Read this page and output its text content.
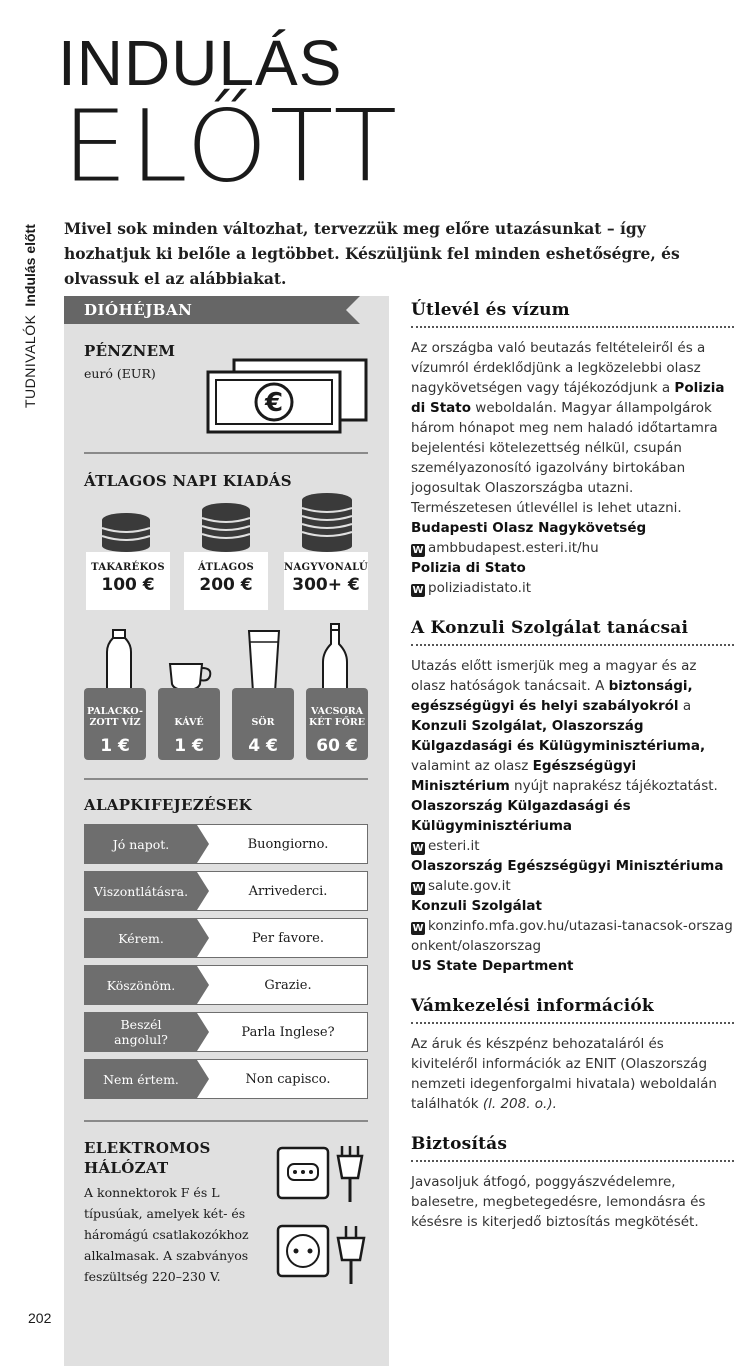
TUDNIVALÓKIndulás előtt
INDULÁS
ELŐTT

Mivel sok minden változhat, tervezzük meg előre utazásunkat – így hozhatjuk ki belőle a legtöbbet. Készüljünk fel minden eshetőségre, és olvassuk el az alábbiakat.

DIÓHÉJBAN
PÉNZNEM
euró (EUR)
€
ÁTLAGOS NAPI KIADÁS
TAKARÉKOS
100 €
ÁTLAGOS
200 €
NAGYVONALÚ
300+ €
PALACKO-ZOTT VÍZ
1 €
KÁVÉ
1 €
SÖR
4 €
VACSORA KÉT FŐRE
60 €
ALAPKIFEJEZÉSEK
Jó napot.	Buongiorno.
Viszontlátásra.	Arrivederci.
Kérem.	Per favore.
Köszönöm.	Grazie.
Beszél angolul?	Parla Inglese?
Nem értem.	Non capisco.
ELEKTROMOS
HÁLÓZAT
A konnektorok F és L típusúak, amelyek két- és háromágú csatlakozókhoz alkalmasak. A szabványos feszültség 220–230 V.
Útlevél és vízum

Az országba való beutazás feltételeiről és a vízumról érdeklődjünk a legközelebbi olasz nagykövetségen vagy tájékozódjunk a Polizia di Stato weboldalán. Magyar állampolgárok három hónapot meg nem haladó időtartamra bejelentési kötelezettség nélkül, csupán személyazonosító igazolvány birtokában jogosultak Olaszországba utazni. Természetesen útlevéllel is lehet utazni.

Budapesti Olasz Nagykövetség
W ambbudapest.esteri.it/hu
Polizia di Stato
W poliziadistato.it
A Konzuli Szolgálat tanácsai

Utazás előtt ismerjük meg a magyar és az olasz hatóságok tanácsait. A biztonsági, egészségügyi és helyi szabályokról a Konzuli Szolgálat, Olaszország Külgazdasági és Külügyminisztériuma, valamint az olasz Egészségügyi Minisztérium nyújt naprakész tájékoztatást.

Olaszország Külgazdasági és Külügyminisztériuma
W esteri.it
Olaszország Egészségügyi Minisztériuma
W salute.gov.it
Konzuli Szolgálat
W konzinfo.mfa.gov.hu/utazasi-tanacsok-orszagonkent/olaszorszag
US State Department
Vámkezelési információk

Az áruk és készpénz behozataláról és kiviteléről információk az ENIT (Olaszország nemzeti idegenforgalmi hivatala) weboldalán találhatók (l. 208. o.).

Biztosítás

Javasoljuk átfogó, poggyászvédelemre, balesetre, megbetegedésre, lemondásra és késésre is kiterjedő biztosítás megkötését.

202
